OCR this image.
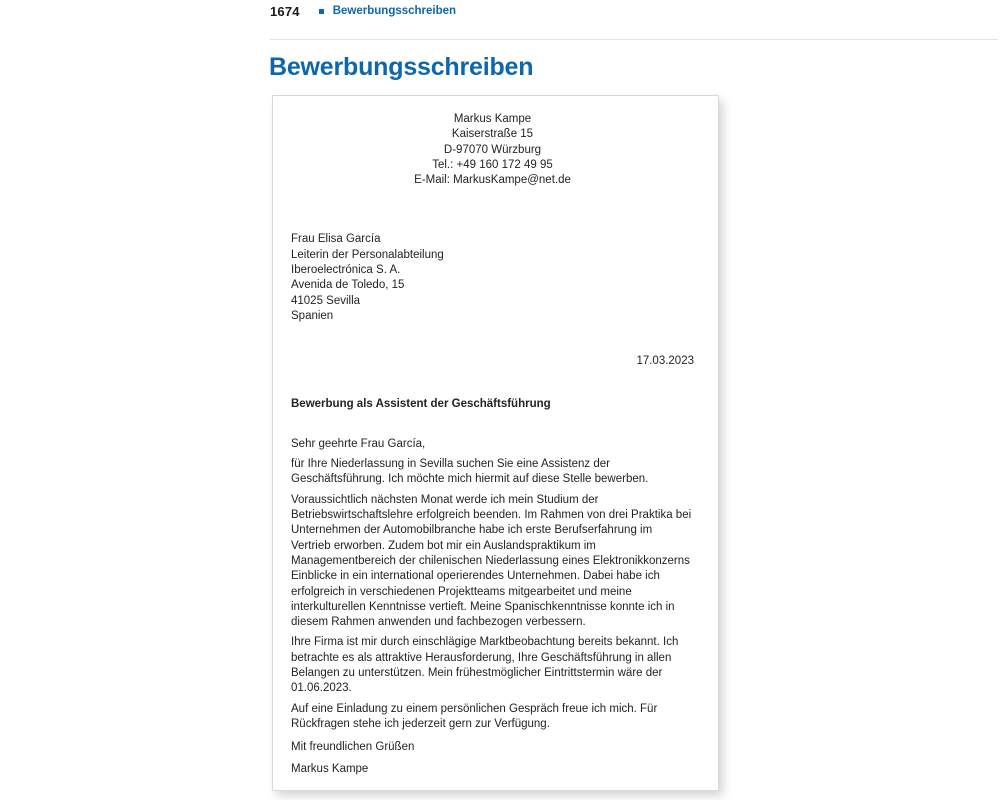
1674	Bewerbungsschreiben
Bewerbungsschreiben
Markus Kampe
Kaiserstraße 15
D-97070 Würzburg
Tel.: +49 160 172 49 95
E-Mail: MarkusKampe@net.de
Frau Elisa García
Leiterin der Personalabteilung
Iberoelectrónica S. A.
Avenida de Toledo, 15
41025 Sevilla
Spanien
17.03.2023
Bewerbung als Assistent der Geschäftsführung

Sehr geehrte Frau García,

für Ihre Niederlassung in Sevilla suchen Sie eine Assistenz der Geschäftsführung. Ich möchte mich hiermit auf diese Stelle bewerben.

Voraussichtlich nächsten Monat werde ich mein Studium der Betriebswirtschaftslehre erfolgreich beenden. Im Rahmen von drei Praktika bei Unternehmen der Automobilbranche habe ich erste Berufserfahrung im Vertrieb erworben. Zudem bot mir ein Auslandspraktikum im Managementbereich der chilenischen Niederlassung eines Elektronikkonzerns Einblicke in ein international operierendes Unternehmen. Dabei habe ich erfolgreich in verschiedenen Projektteams mitgearbeitet und meine interkulturellen Kenntnisse vertieft. Meine Spanischkenntnisse konnte ich in diesem Rahmen anwenden und fachbezogen verbessern.

Ihre Firma ist mir durch einschlägige Marktbeobachtung bereits bekannt. Ich betrachte es als attraktive Herausforderung, Ihre Geschäftsführung in allen Belangen zu unterstützen. Mein frühestmöglicher Eintrittstermin wäre der 01.06.2023.

Auf eine Einladung zu einem persönlichen Gespräch freue ich mich. Für Rückfragen stehe ich jederzeit gern zur Verfügung.

Mit freundlichen Grüßen

Markus Kampe
